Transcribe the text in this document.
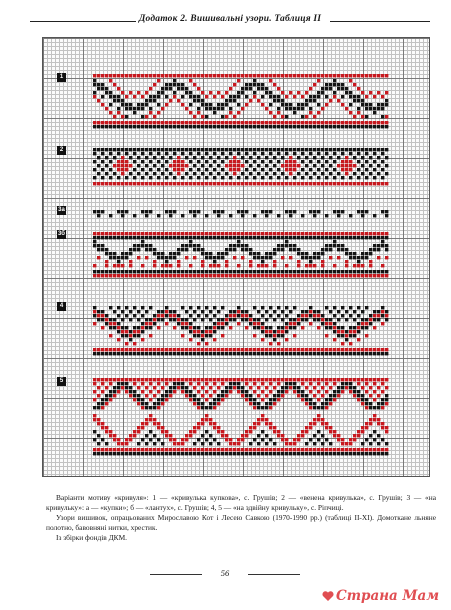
Додаток 2. Вишивальні узори. Таблиця ІІ
1
2
3а
3б
4
5

Варіанти мотиву «кривуля»: 1 — «кривулька купкова», с. Грушів; 2 — «венена кривулька», с. Грушів; 3 — «на кривульку»: а — «купки»; б — «лантух», с. Грушів; 4, 5 — «на здвійну кривульку», с. Ріпчиці.

Узори вишивок, опрацьованих Мирославою Кот і Лесею Савкою (1970-1990 рр.) (таблиці ІІ-ХІ). Домоткане льняне полотно, бавовняні нитки, хрестик.

Із збірки фондів ДКМ.

56
Страна Мам
